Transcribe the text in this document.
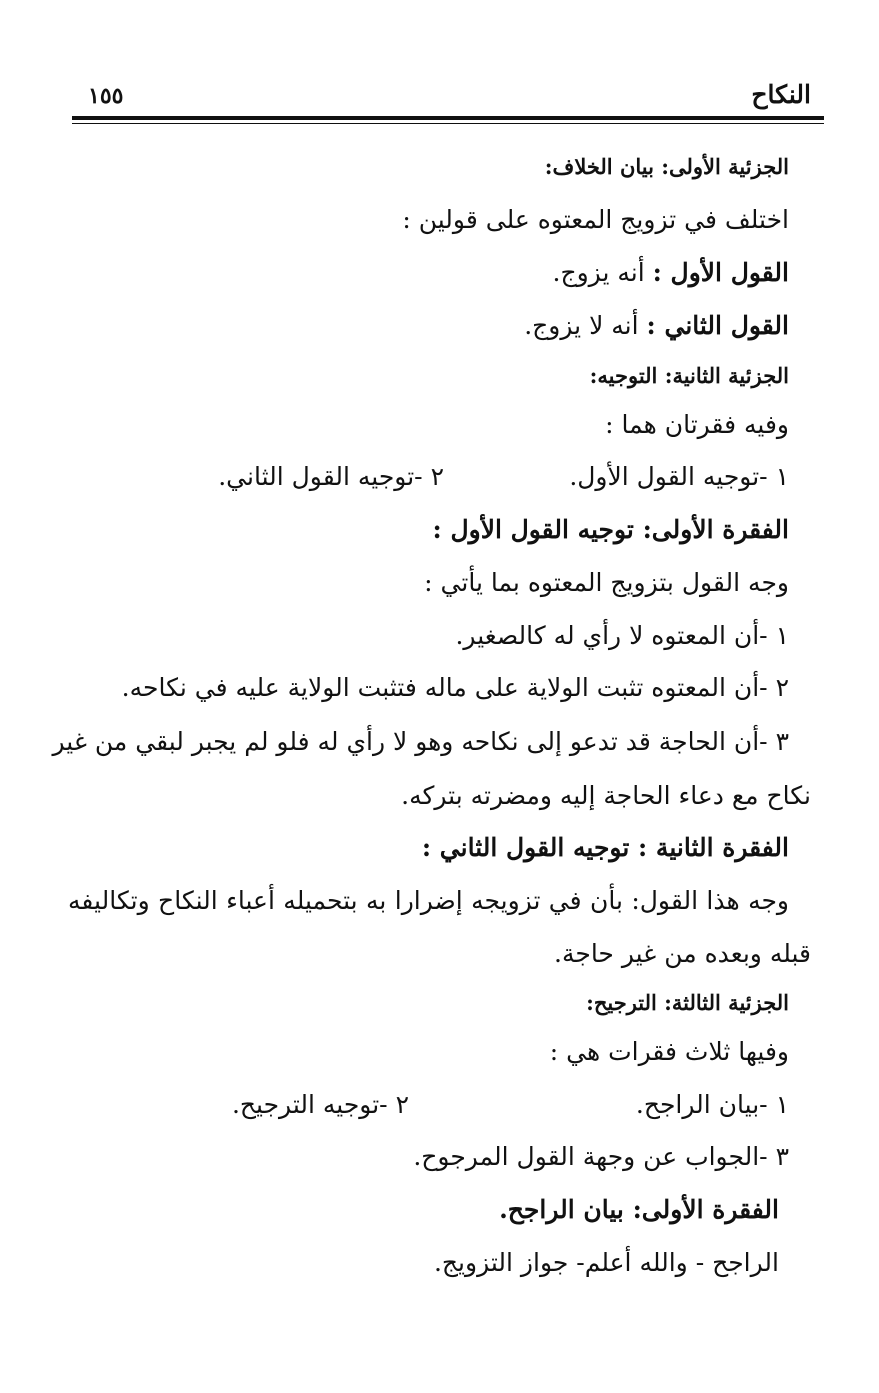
النكاح
١٥٥
الجزئية الأولى: بيان الخلاف:
اختلف في تزويج المعتوه على قولين :
القول الأول : أنه يزوج.
القول الثاني : أنه لا يزوج.
الجزئية الثانية: التوجيه:
وفيه فقرتان هما :
١ -توجيه القول الأول.
٢ -توجيه القول الثاني.
الفقرة الأولى: توجيه القول الأول :
وجه القول بتزويج المعتوه بما يأتي :
١ -أن المعتوه لا رأي له كالصغير.
٢ -أن المعتوه تثبت الولاية على ماله فتثبت الولاية عليه في نكاحه.
٣ -أن الحاجة قد تدعو إلى نكاحه وهو لا رأي له فلو لم يجبر لبقي من غير
نكاح مع دعاء الحاجة إليه ومضرته بتركه.
الفقرة الثانية : توجيه القول الثاني :
وجه هذا القول: بأن في تزويجه إضرارا به بتحميله أعباء النكاح وتكاليفه
قبله وبعده من غير حاجة.
الجزئية الثالثة: الترجيح:
وفيها ثلاث فقرات هي :
١ -بيان الراجح.
٢ -توجيه الترجيح.
٣ -الجواب عن وجهة القول المرجوح.
الفقرة الأولى: بيان الراجح.
الراجح - والله أعلم- جواز التزويج.
